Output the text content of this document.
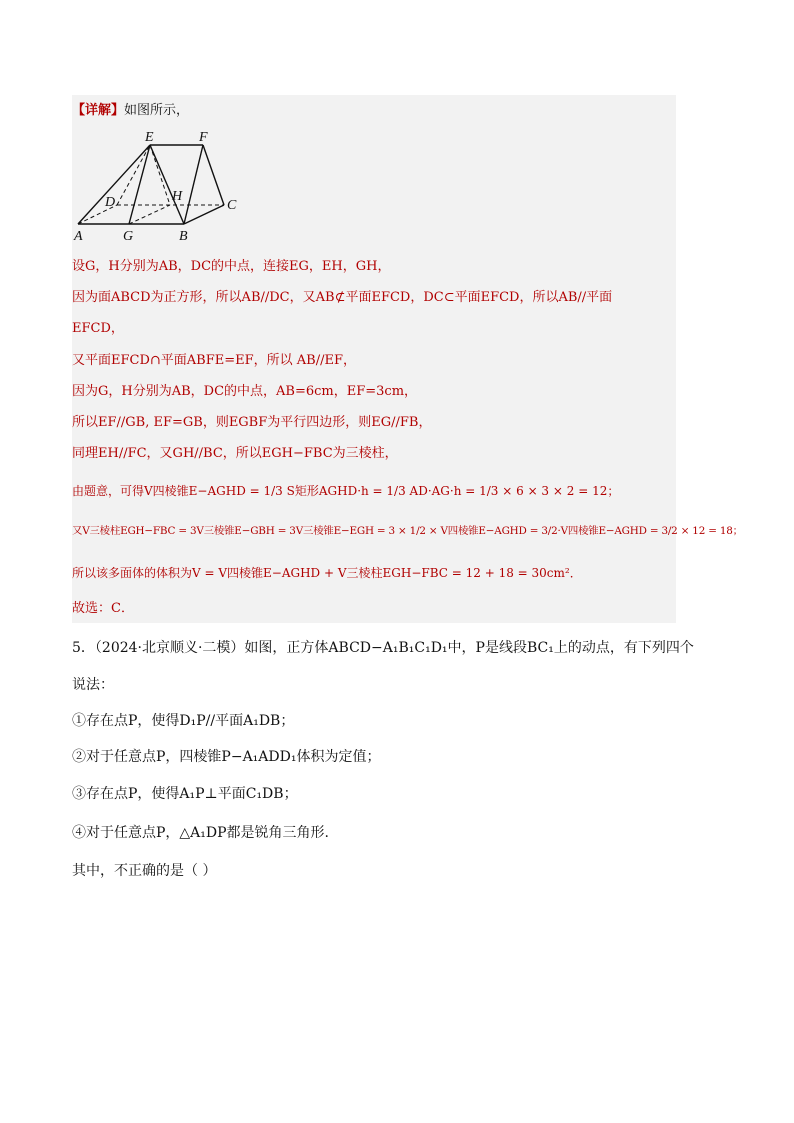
【详解】如图所示，
E	F
D	H
C
A	G	B
设G，H分别为AB，DC的中点，连接EG，EH，GH，
因为面ABCD为正方形，所以AB//DC，又AB⊄平面EFCD，DC⊂平面EFCD，所以AB//平面
EFCD，
又平面EFCD∩平面ABFE=EF，所以 AB//EF，
因为G，H分别为AB，DC的中点，AB=6cm，EF=3cm，
所以EF//GB, EF=GB，则EGBF为平行四边形，则EG//FB，
同理EH//FC，又GH//BC，所以EGH−FBC为三棱柱，
由题意，可得V四棱锥E−AGHD = 1/3 S矩形AGHD·h = 1/3 AD·AG·h = 1/3 × 6 × 3 × 2 = 12；
又V三棱柱EGH−FBC = 3V三棱锥E−GBH = 3V三棱锥E−EGH = 3 × 1/2 × V四棱锥E−AGHD = 3/2·V四棱锥E−AGHD = 3/2 × 12 = 18；
所以该多面体的体积为V = V四棱锥E−AGHD + V三棱柱EGH−FBC = 12 + 18 = 30cm²．
故选：C．
5．（2024·北京顺义·二模）如图，正方体ABCD−A₁B₁C₁D₁中，P是线段BC₁上的动点，有下列四个
说法：
①存在点P，使得D₁P//平面A₁DB；
②对于任意点P，四棱锥P−A₁ADD₁体积为定值；
③存在点P，使得A₁P⊥平面C₁DB；
④对于任意点P，△A₁DP都是锐角三角形.
其中，不正确的是（ ）
